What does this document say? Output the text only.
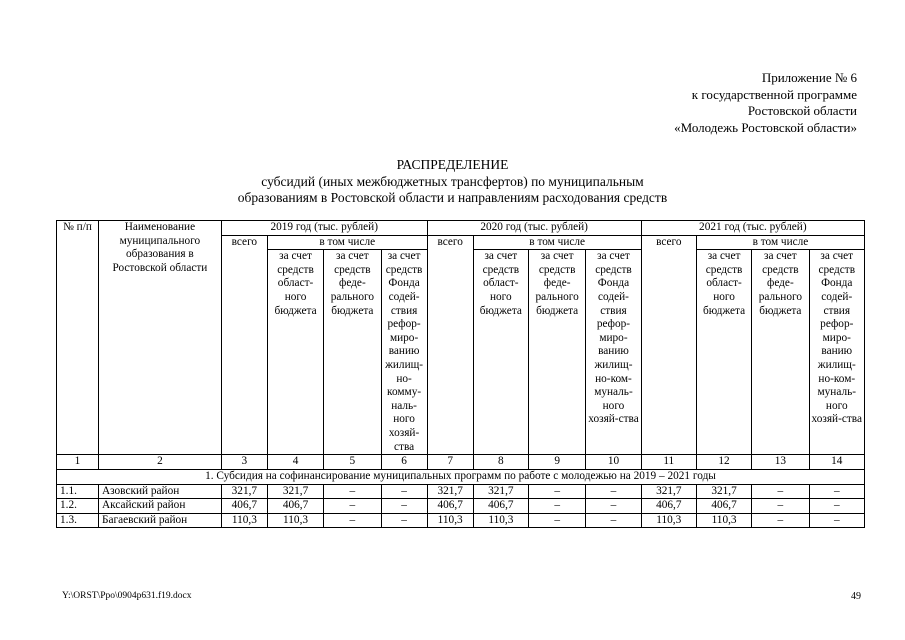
Приложение № 6
к государственной программе
Ростовской области
«Молодежь Ростовской области»
РАСПРЕДЕЛЕНИЕ
субсидий (иных межбюджетных трансфертов) по муниципальным
образованиям в Ростовской области и направлениям расходования средств
№ п/п	Наименование муниципального образования в Ростовской области	2019 год (тыс. рублей)				2020 год (тыс. рублей)				2021 год (тыс. рублей)			
		всего	в том числе			всего	в том числе			всего	в том числе		
			за счет средств област-ного бюджета	за счет средств феде-рального бюджета	за счет средств Фонда содей-ствия рефор-миро-ванию жилищ-но-комму-наль-ного хозяй-ства		за счет средств област-ного бюджета	за счет средств феде-рального бюджета	за счет средств Фонда содей-ствия рефор-миро-ванию жилищ-но-ком-муналь-ного хозяй-ства		за счет средств област-ного бюджета	за счет средств феде-рального бюджета	за счет средств Фонда содей-ствия рефор-миро-ванию жилищ-но-ком-муналь-ного хозяй-ства
1	2	3	4	5	6	7	8	9	10	11	12	13	14
1. Субсидия на софинансирование муниципальных программ по работе с молодежью на 2019 – 2021 годы													
1.1.	Азовский район	321,7	321,7	–	–	321,7	321,7	–	–	321,7	321,7	–	–
1.2.	Аксайский район	406,7	406,7	–	–	406,7	406,7	–	–	406,7	406,7	–	–
1.3.	Багаевский район	110,3	110,3	–	–	110,3	110,3	–	–	110,3	110,3	–	–
Y:\ORST\Ppo\0904p631.f19.docx	49
